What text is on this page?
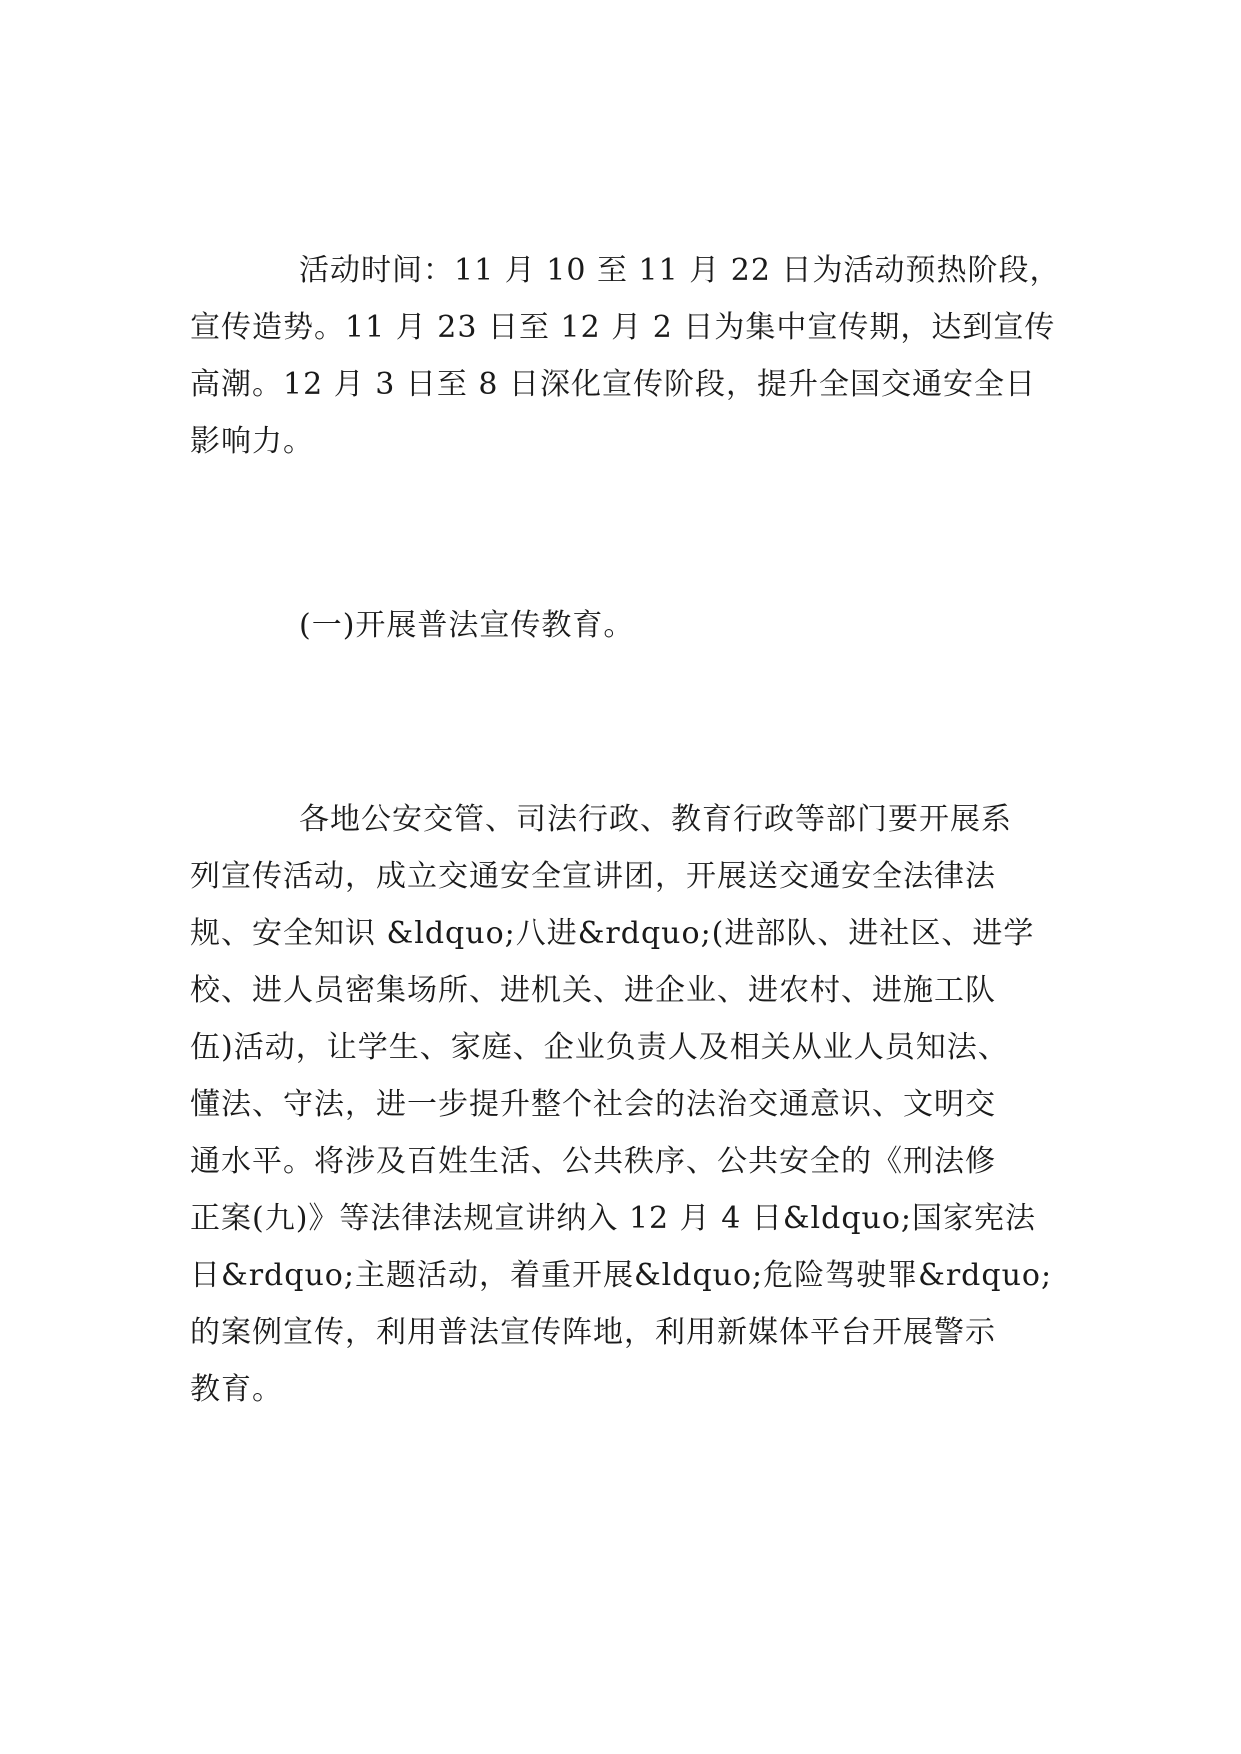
活动时间：11 月 10 至 11 月 22 日为活动预热阶段，
宣传造势。11 月 23 日至 12 月 2 日为集中宣传期，达到宣传
高潮。12 月 3 日至 8 日深化宣传阶段，提升全国交通安全日
影响力。
(一)开展普法宣传教育。
各地公安交管、司法行政、教育行政等部门要开展系
列宣传活动，成立交通安全宣讲团，开展送交通安全法律法
规、安全知识 &ldquo;八进&rdquo;(进部队、进社区、进学
校、进人员密集场所、进机关、进企业、进农村、进施工队
伍)活动，让学生、家庭、企业负责人及相关从业人员知法、
懂法、守法，进一步提升整个社会的法治交通意识、文明交
通水平。将涉及百姓生活、公共秩序、公共安全的《刑法修
正案(九)》等法律法规宣讲纳入 12 月 4 日&ldquo;国家宪法
日&rdquo;主题活动，着重开展&ldquo;危险驾驶罪&rdquo;
的案例宣传，利用普法宣传阵地，利用新媒体平台开展警示
教育。
